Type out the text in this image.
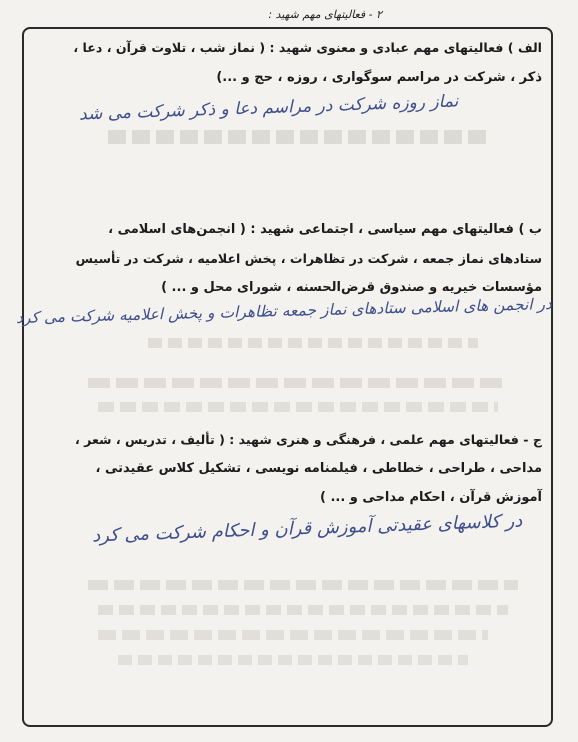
۲ - فعالیتهای مهم شهید :
الف ) فعالیتهای مهم عبادی و معنوی شهید : ( نماز شب ، تلاوت قرآن ، دعا ،
ذکر ، شرکت در مراسم سوگواری ، روزه ، حج و ...)
نماز روزه شرکت در مراسم دعا و ذکر شرکت می شد
ب ) فعالیتهای مهم سیاسی ، اجتماعی شهید : ( انجمن‌های اسلامی ،
ستادهای نماز جمعه ، شرکت در تظاهرات ، پخش اعلامیه ، شرکت در تأسیس
مؤسسات خیریه و صندوق قرض‌الحسنه ، شورای محل و ... )
در انجمن های اسلامی ستادهای نماز جمعه تظاهرات و پخش اعلامیه شرکت می کرد
ج - فعالیتهای مهم علمی ، فرهنگی و هنری شهید : ( تألیف ، تدریس ، شعر ،
مداحی ، طراحی ، خطاطی ، فیلمنامه نویسی ، تشکیل کلاس عقیدتی ،
آموزش قرآن ، احکام مداحی و ... )
در کلاسهای عقیدتی آموزش قرآن و احکام شرکت می کرد
